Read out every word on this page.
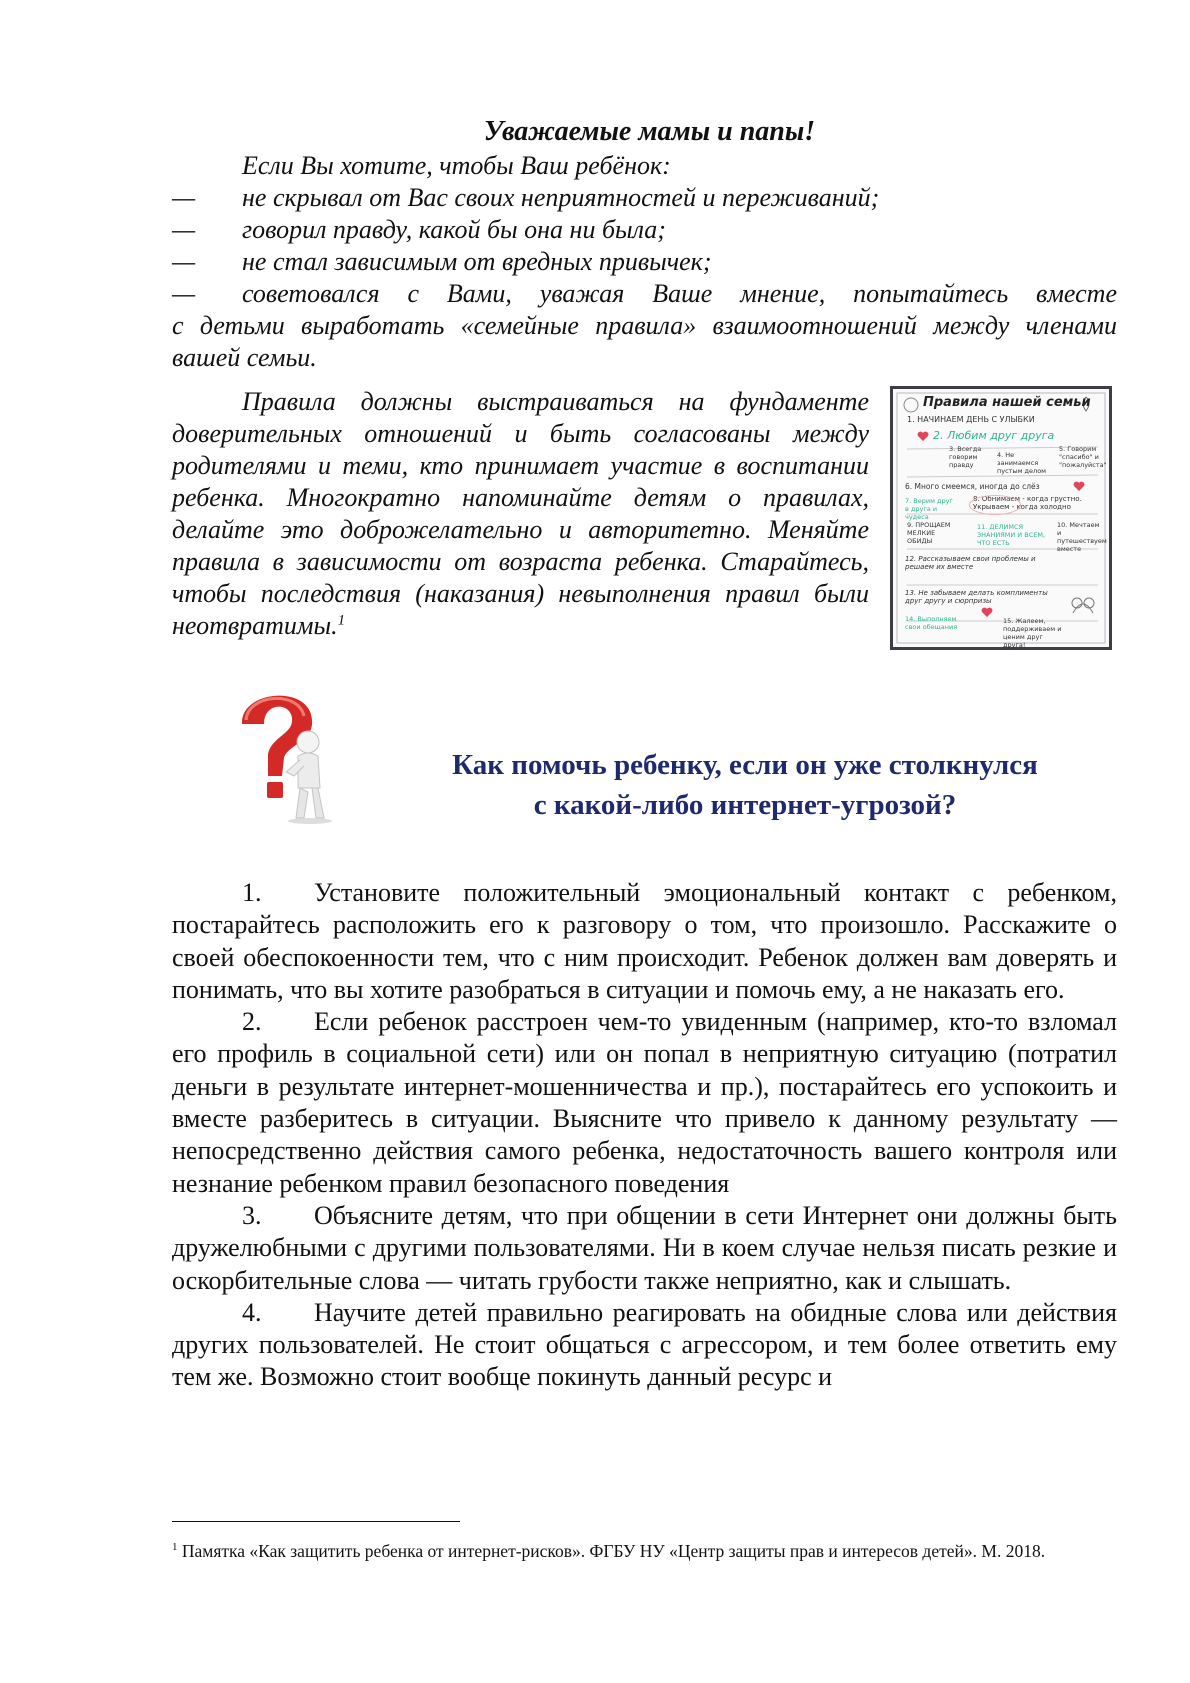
Уважаемые мамы и папы!
Если Вы хотите, чтобы Ваш ребёнок:
—	не скрывал от Вас своих неприятностей и переживаний;
—	говорил правду, какой бы она ни была;
—	не стал зависимым от вредных привычек;
—	советовался с Вами, уважая Ваше мнение, попытайтесь вместе
с детьми выработать «семейные правила» взаимоотношений между членами вашей семьи.
Правила должны выстраиваться на фундаменте доверительных отношений и быть согласованы между родителями и теми, кто принимает участие в воспитании ребенка. Многократно напоминайте детям о правилах, делайте это доброжелательно и авторитетно. Меняйте правила в зависимости от возраста ребенка. Старайтесь, чтобы последствия (наказания) невыполнения правил были неотвратимы.$^1$
Правила нашей семьи
1. НАЧИНАЕМ ДЕНЬ С УЛЫБКИ
2. Любим друг друга
3. Всегда говорим правду
4. Не занимаемся пустым делом
5. Говорим "спасибо" и "пожалуйста"
6. Много смеемся, иногда до слёз
7. Верим друг в друга и чудеса
8. Обнимаем - когда грустно. Укрываем - когда холодно
9. ПРОЩАЕМ МЕЛКИЕ ОБИДЫ
11. ДЕЛИМСЯ ЗНАНИЯМИ И ВСЕМ, ЧТО ЕСТЬ
10. Мечтаем и путешествуем вместе
12. Рассказываем свои проблемы и решаем их вместе
13. Не забываем делать комплименты друг другу и сюрпризы
14. Выполняем свои обещания
15. Жалеем, поддерживаем и ценим друг друга!
Как помочь ребенку, если он уже столкнулся
с какой-либо интернет-угрозой?

1. Установите положительный эмоциональный контакт с ребенком, постарайтесь расположить его к разговору о том, что произошло. Расскажите о своей обеспокоенности тем, что с ним происходит. Ребенок должен вам доверять и понимать, что вы хотите разобраться в ситуации и помочь ему, а не наказать его.

2. Если ребенок расстроен чем-то увиденным (например, кто-то взломал его профиль в социальной сети) или он попал в неприятную ситуацию (потратил деньги в результате интернет-мошенничества и пр.), постарайтесь его успокоить и вместе разберитесь в ситуации. Выясните что привело к данному результату — непосредственно действия самого ребенка, недостаточность вашего контроля или незнание ребенком правил безопасного поведения

3. Объясните детям, что при общении в сети Интернет они должны быть дружелюбными с другими пользователями. Ни в коем случае нельзя писать резкие и оскорбительные слова — читать грубости также неприятно, как и слышать.

4. Научите детей правильно реагировать на обидные слова или действия других пользователей. Не стоит общаться с агрессором, и тем более ответить ему тем же. Возможно стоит вообще покинуть данный ресурс и

$^1$ Памятка «Как защитить ребенка от интернет-рисков». ФГБУ НУ «Центр защиты прав и интересов детей». М. 2018.
